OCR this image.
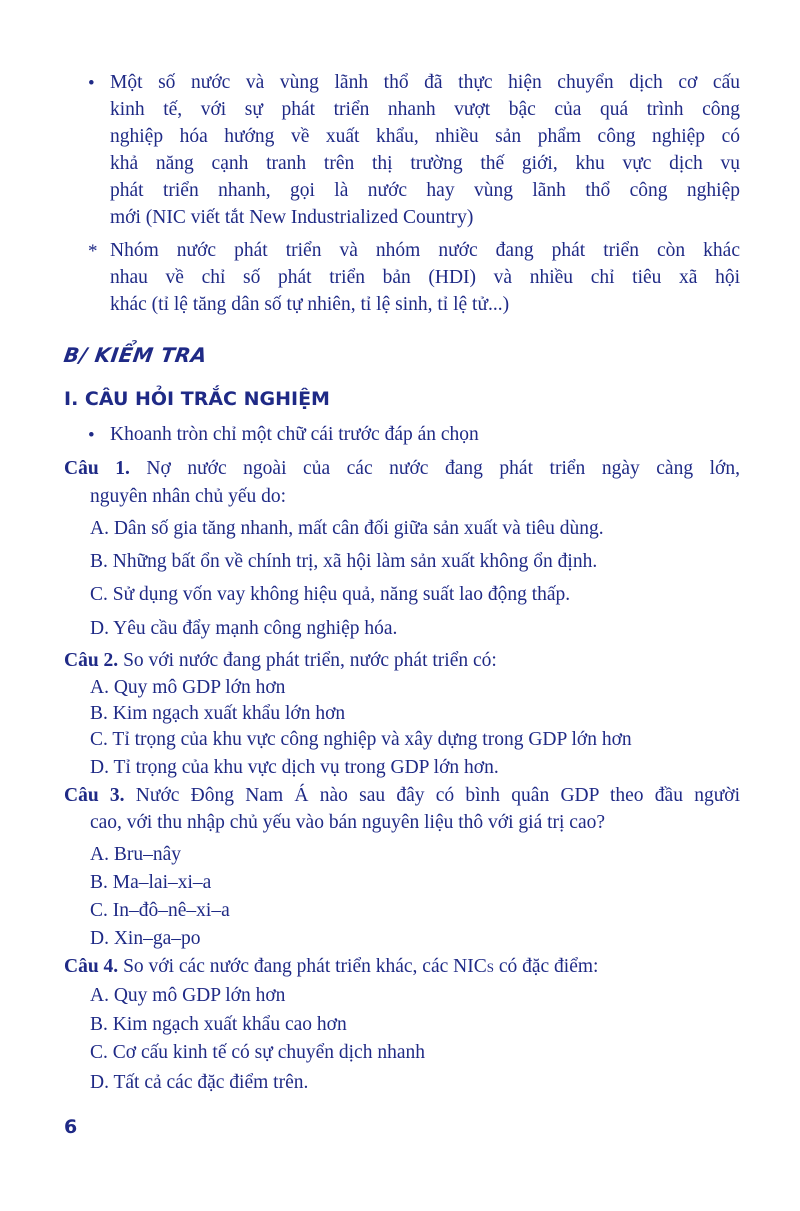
• Một số nước và vùng lãnh thổ đã thực hiện chuyển dịch cơ cấu
kinh tế, với sự phát triển nhanh vượt bậc của quá trình công
nghiệp hóa hướng về xuất khẩu, nhiều sản phẩm công nghiệp có
khả năng cạnh tranh trên thị trường thế giới, khu vực dịch vụ
phát triển nhanh, gọi là nước hay vùng lãnh thổ công nghiệp
mới (NIC viết tắt New Industrialized Country)
* Nhóm nước phát triển và nhóm nước đang phát triển còn khác
nhau về chỉ số phát triển bản (HDI) và nhiều chỉ tiêu xã hội
khác (tỉ lệ tăng dân số tự nhiên, tỉ lệ sinh, tỉ lệ tử...)
B/ KIỂM TRA
I. CÂU HỎI TRẮC NGHIỆM
• Khoanh tròn chỉ một chữ cái trước đáp án chọn
Câu 1. Nợ nước ngoài của các nước đang phát triển ngày càng lớn,
nguyên nhân chủ yếu do:
A. Dân số gia tăng nhanh, mất cân đối giữa sản xuất và tiêu dùng.
B. Những bất ổn về chính trị, xã hội làm sản xuất không ổn định.
C. Sử dụng vốn vay không hiệu quả, năng suất lao động thấp.
D. Yêu cầu đẩy mạnh công nghiệp hóa.
Câu 2. So với nước đang phát triển, nước phát triển có:
A. Quy mô GDP lớn hơn
B. Kim ngạch xuất khẩu lớn hơn
C. Tỉ trọng của khu vực công nghiệp và xây dựng trong GDP lớn hơn
D. Tỉ trọng của khu vực dịch vụ trong GDP lớn hơn.
Câu 3. Nước Đông Nam Á nào sau đây có bình quân GDP theo đầu người
cao, với thu nhập chủ yếu vào bán nguyên liệu thô với giá trị cao?
A. Bru–nây
B. Ma–lai–xi–a
C. In–đô–nê–xi–a
D. Xin–ga–po
Câu 4. So với các nước đang phát triển khác, các NICS có đặc điểm:
A. Quy mô GDP lớn hơn
B. Kim ngạch xuất khẩu cao hơn
C. Cơ cấu kinh tế có sự chuyển dịch nhanh
D. Tất cả các đặc điểm trên.
6
